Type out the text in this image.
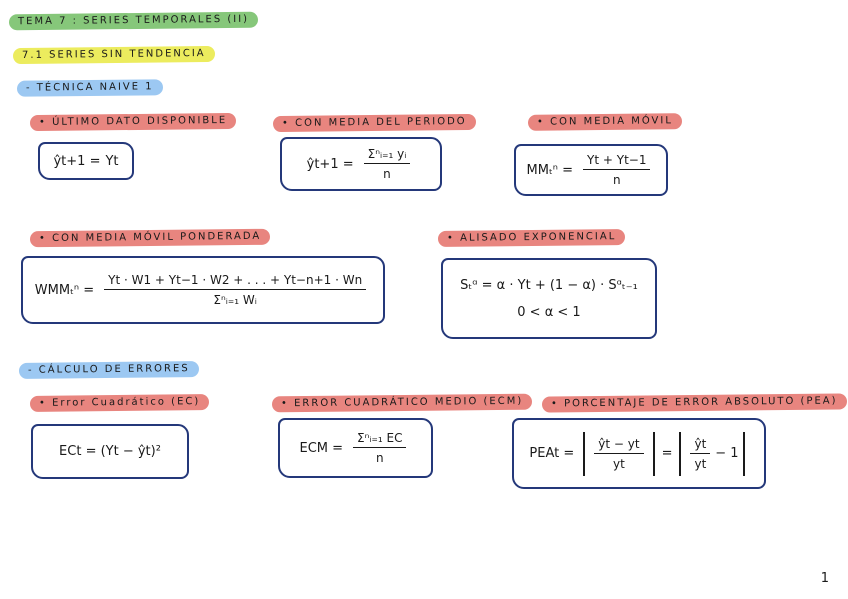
TEMA 7 : SERIES TEMPORALES (II)
7.1 SERIES SIN TENDENCIA
- TÉCNICA NAIVE 1
• ÚLTIMO DATO DISPONIBLE	• CON MEDIA DEL PERIODO	• CON MEDIA MÓVIL
ŷt+1 = Yt	ŷt+1 = $\frac{\text{Σⁿᵢ₌₁ yᵢ}}{n}$	$MM_t^n = \frac{Yt + Yt-1}{n}$
• CON MEDIA MÓVIL PONDERADA	• ALISADO EXPONENCIAL
$WMM_t^n = \frac{Yt \cdot W1 + Yt-1 \cdot W2 + . . . + Yt-n+1 \cdot Wn}{\text{Σⁿᵢ₌₁ Wᵢ}}$	Sₜᵅ = α · Yt + (1 − α) · Sᵅₜ₋₁
0 < α < 1
- CÁLCULO DE ERRORES
• Error Cuadrático (EC)	• ERROR CUADRÁTICO MEDIO (ECM)	• PORCENTAJE DE ERROR ABSOLUTO (PEA)
ECt = (Yt − ŷt)²	ECM = $\frac{\text{Σⁿᵢ₌₁ EC}}{n}$	PEAt = $\frac{ŷt - yt}{yt} = \frac{ŷt}{yt} - 1$
1
